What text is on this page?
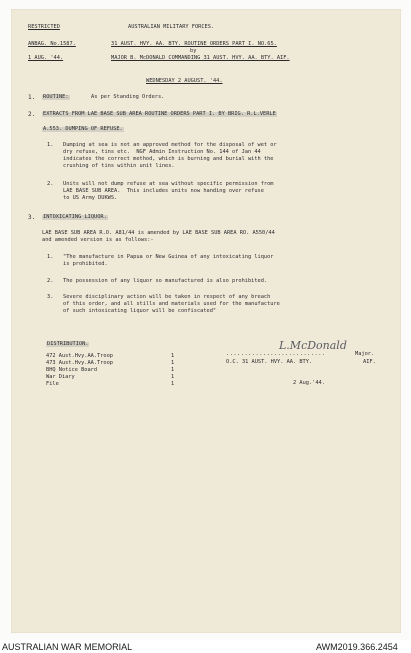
RESTRICTED	AUSTRALIAN MILITARY FORCES.
ANBAG. No.1587.	31 AUST. HVY. AA. BTY. ROUTINE ORDERS PART I. NO.65.
by
1 AUG. '44.	MAJOR B. McDONALD COMMANDING 31 AUST. HVY. AA. BTY. AIF.
WEDNESDAY 2 AUGUST. '44.
1. ROUTINE:	As per Standing Orders.
2. EXTRACTS FROM LAE BASE SUB AREA ROUTINE ORDERS PART I. BY BRIG. R.L.VERLE
A.553. DUMPING OF REFUSE.
1. Dumping at sea is not an approved method for the disposal of wet or
dry refuse, tins etc.  NGF Admin Instruction No. 144 of Jan 44
indicates the correct method, which is burning and burial with the
crushing of tins within unit lines.
2. Units will not dump refuse at sea without specific permission from
LAE BASE SUB AREA.  This includes units now handing over refuse
to US Army DUKWS.
3. INTOXICATING LIQUOR.
LAE BASE SUB AREA R.O. A81/44 is amended by LAE BASE SUB AREA RO. A550/44
and amended version is as follows:-
1. "The manufacture in Papua or New Guinea of any intoxicating liquor
is prohibited.
2. The possession of any liquor so manufactured is also prohibited.
3. Severe disciplinary action will be taken in respect of any breach
of this order, and all stills and materials used for the manufacture
of such intoxicating liquor will be confiscated"
DISTRIBUTION.
472 Aust.Hvy.AA.Troop	1
473 Aust.Hvy.AA.Troop	1
BHQ Notice Board	1
War Diary	1
File	1
L.McDonald
...........................	Major.
O.C. 31 AUST. HVY. AA. BTY.	AIF.
2 Aug.'44.
AUSTRALIAN WAR MEMORIAL	AWM2019.366.2454
